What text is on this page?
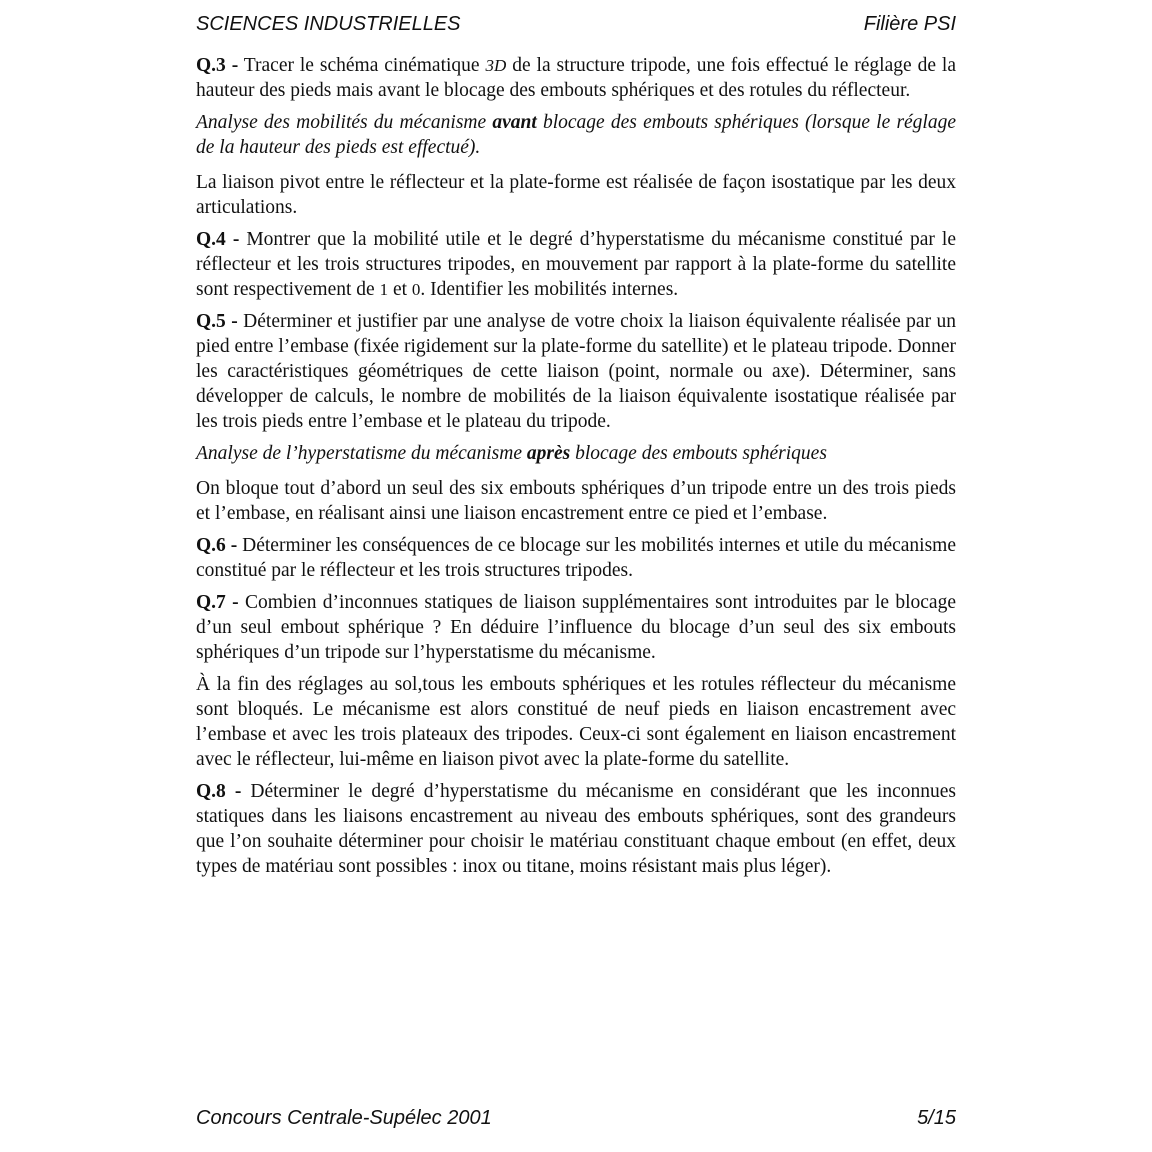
SCIENCES INDUSTRIELLES	Filière PSI

Q.3 - Tracer le schéma cinématique 3D de la structure tripode, une fois effectué le réglage de la hauteur des pieds mais avant le blocage des embouts sphériques et des rotules du réflecteur.

Analyse des mobilités du mécanisme avant blocage des embouts sphériques (lorsque le réglage de la hauteur des pieds est effectué).

La liaison pivot entre le réflecteur et la plate-forme est réalisée de façon isostatique par les deux articulations.

Q.4 - Montrer que la mobilité utile et le degré d’hyperstatisme du mécanisme constitué par le réflecteur et les trois structures tripodes, en mouvement par rapport à la plate-forme du satellite sont respectivement de 1 et 0. Identifier les mobilités internes.

Q.5 - Déterminer et justifier par une analyse de votre choix la liaison équivalente réalisée par un pied entre l’embase (fixée rigidement sur la plate-forme du satellite) et le plateau tripode. Donner les caractéristiques géométriques de cette liaison (point, normale ou axe). Déterminer, sans développer de calculs, le nombre de mobilités de la liaison équivalente isostatique réalisée par les trois pieds entre l’embase et le plateau du tripode.

Analyse de l’hyperstatisme du mécanisme après blocage des embouts sphériques

On bloque tout d’abord un seul des six embouts sphériques d’un tripode entre un des trois pieds et l’embase, en réalisant ainsi une liaison encastrement entre ce pied et l’embase.

Q.6 - Déterminer les conséquences de ce blocage sur les mobilités internes et utile du mécanisme constitué par le réflecteur et les trois structures tripodes.

Q.7 - Combien d’inconnues statiques de liaison supplémentaires sont introduites par le blocage d’un seul embout sphérique ? En déduire l’influence du blocage d’un seul des six embouts sphériques d’un tripode sur l’hyperstatisme du mécanisme.

À la fin des réglages au sol,tous les embouts sphériques et les rotules réflecteur du mécanisme sont bloqués. Le mécanisme est alors constitué de neuf pieds en liaison encastrement avec l’embase et avec les trois plateaux des tripodes. Ceux-ci sont également en liaison encastrement avec le réflecteur, lui-même en liaison pivot avec la plate-forme du satellite.

Q.8 - Déterminer le degré d’hyperstatisme du mécanisme en considérant que les inconnues statiques dans les liaisons encastrement au niveau des embouts sphériques, sont des grandeurs que l’on souhaite déterminer pour choisir le matériau constituant chaque embout (en effet, deux types de matériau sont possibles : inox ou titane, moins résistant mais plus léger).

Concours Centrale-Supélec 2001	5/15
